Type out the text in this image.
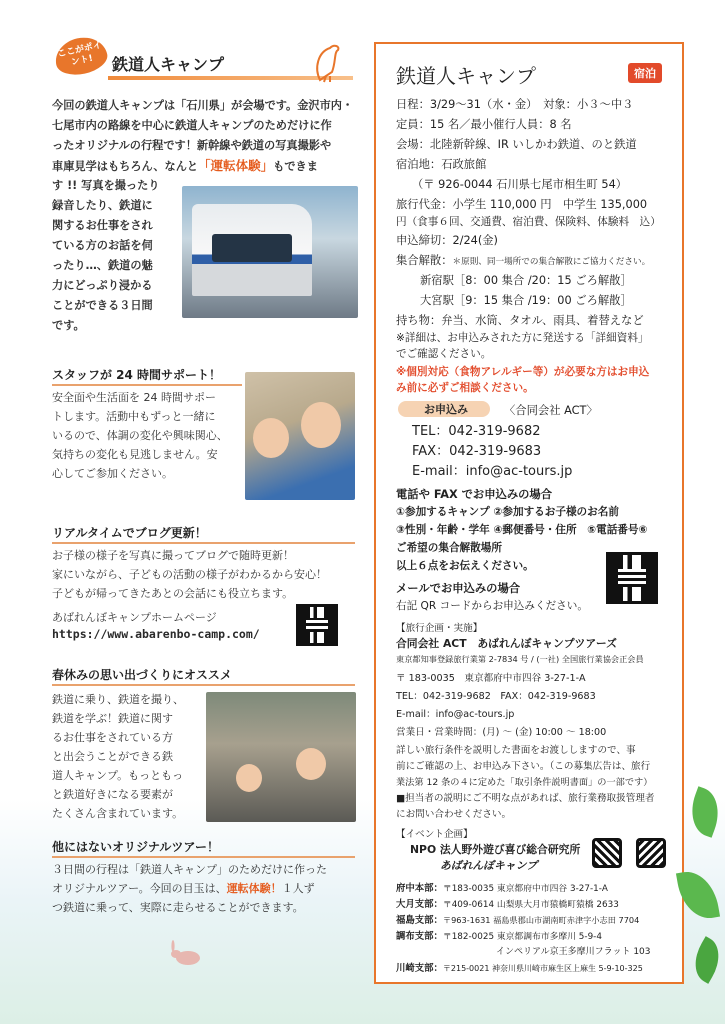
ここがポイント!	鉄道人キャンプ
今回の鉄道人キャンプは「石川県」が会場です。金沢市内・
七尾市内の路線を中心に鉄道人キャンプのためだけに作
ったオリジナルの行程です！新幹線や鉄道の写真撮影や
車庫見学はもちろん、なんと「運転体験」もできま
す !! 写真を撮ったり
録音したり、鉄道に
関するお仕事をされ
ている方のお話を伺
ったり…、鉄道の魅
力にどっぷり浸かる
ことができる３日間
です。
スタッフが 24 時間サポート！
安全面や生活面を 24 時間サポー
トします。活動中もずっと一緒に
いるので、体調の変化や興味関心、
気持ちの変化も見逃しません。安
心してご参加ください。
リアルタイムでブログ更新！
お子様の様子を写真に撮ってブログで随時更新！
家にいながら、子どもの活動の様子がわかるから安心！
子どもが帰ってきたあとの会話にも役立ちます。
あばれんぼキャンプホームページ
https://www.abarenbo-camp.com/
春休みの思い出づくりにオススメ
鉄道に乗り、鉄道を撮り、
鉄道を学ぶ！鉄道に関す
るお仕事をされている方
と出会うことができる鉄
道人キャンプ。もっともっ
と鉄道好きになる要素が
たくさん含まれています。
他にはないオリジナルツアー！
３日間の行程は「鉄道人キャンプ」のためだけに作った
オリジナルツアー。今回の目玉は、運転体験！１人ず
つ鉄道に乗って、実際に走らせることができます。
鉄道人キャンプ	宿泊
日程：3/29～31（水・金）　対象：小３～中３
定員：15 名／最小催行人員：8 名
会場：北陸新幹線、IR いしかわ鉄道、のと鉄道
宿泊地：石政旅館
（〒 926-0044 石川県七尾市相生町 54）
旅行代金：小学生 110,000 円　中学生 135,000
円（食事６回、交通費、宿泊費、保険料、体験料　込）
申込締切：2/24(金)
集合解散：＊原則、同一場所での集合解散にご協力ください。
新宿駅［8：00 集合 /20：15 ごろ解散］
大宮駅［9：15 集合 /19：00 ごろ解散］
持ち物：弁当、水筒、タオル、雨具、着替えなど
※詳細は、お申込みされた方に発送する「詳細資料」
でご確認ください。
※個別対応（食物アレルギー等）が必要な方はお申込
み前に必ずご相談ください。
お申込み	〈合同会社 ACT〉
TEL：042-319-9682
FAX：042-319-9683
E-mail：info@ac-tours.jp
電話や FAX でお申込みの場合
①参加するキャンプ ②参加するお子様のお名前
③性別・年齢・学年 ④郵便番号・住所　⑤電話番号⑥
ご希望の集合解散場所
以上６点をお伝えください。
メールでお申込みの場合
右記 QR コードからお申込みください。
【旅行企画・実施】
合同会社 ACT　あばれんぼキャンプツアーズ
東京都知事登録旅行業第 2-7834 号 / (一社) 全国旅行業協会正会員
〒 183-0035　東京都府中市四谷 3-27-1-A
TEL：042-319-9682　FAX：042-319-9683
E-mail：info@ac-tours.jp
営業日・営業時間：(月) ～ (金) 10:00 ～ 18:00
詳しい旅行条件を説明した書面をお渡ししますので、事
前にご確認の上、お申込み下さい。（この募集広告は、旅行
業法第 12 条の４に定めた「取引条件説明書面」の一部です）
■担当者の説明にご不明な点があれば、旅行業務取扱管理者
にお問い合わせください。
【イベント企画】
NPO 法人野外遊び喜び総合研究所
あばれんぼキャンプ
府中本部：〒183-0035 東京都府中市四谷 3-27-1-A
大月支部：〒409-0614 山梨県大月市猿橋町猿橋 2633
福島支部：〒963-1631 福島県郡山市湖南町赤津字小志田 7704
調布支部：〒182-0025 東京都調布市多摩川 5-9-4
インペリアル京王多摩川フラット 103
川崎支部：〒215-0021 神奈川県川崎市麻生区上麻生 5-9-10-325
